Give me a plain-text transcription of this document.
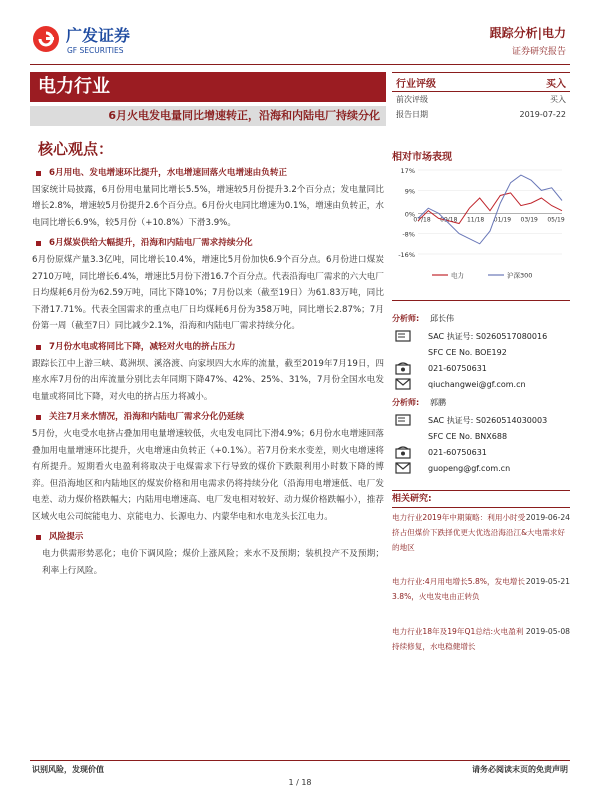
广发证券
GF SECURITIES
跟踪分析|电力
证券研究报告
电力行业
6月火电发电量同比增速转正，沿海和内陆电厂持续分化
行业评级	买入
前次评级	买入
报告日期	2019-07-22
核心观点：
6月用电、发电增速环比提升，水电增速回落火电增速由负转正
国家统计局披露，6月份用电量同比增长5.5%，增速较5月份提升3.2个百分点；发电量同比增长2.8%，增速较5月份提升2.6个百分点。6月份火电同比增速为0.1%，增速由负转正，水电同比增长6.9%，较5月份（+10.8%）下滑3.9%。
6月煤炭供给大幅提升，沿海和内陆电厂需求持续分化
6月份原煤产量3.3亿吨，同比增长10.4%，增速比5月份加快6.9个百分点。6月份进口煤炭2710万吨，同比增长6.4%，增速比5月份下滑16.7个百分点。代表沿海电厂需求的六大电厂日均煤耗6月份为62.59万吨，同比下降10%；7月份以来（截至19日）为61.83万吨，同比下滑17.71%。代表全国需求的重点电厂日均煤耗6月份为358万吨，同比增长2.87%；7月份第一周（截至7日）同比减少2.1%，沿海和内陆电厂需求持续分化。
7月份水电或将同比下降，减轻对火电的挤占压力
跟踪长江中上游三峡、葛洲坝、溪洛渡、向家坝四大水库的流量，截至2019年7月19日，四座水库7月份的出库流量分别比去年同期下降47%、42%、25%、31%，7月份全国水电发电量或将同比下降，对火电的挤占压力将减小。
关注7月来水情况，沿海和内陆电厂需求分化仍延续
5月份，火电受水电挤占叠加用电量增速较低，火电发电同比下滑4.9%；6月份水电增速回落叠加用电量增速环比提升，火电增速由负转正（+0.1%）。若7月份来水变差，则火电增速将有所提升。短期看火电盈利将取决于电煤需求下行导致的煤价下跌限利用小时数下降的博弈。但沿海地区和内陆地区的煤炭价格和用电需求仍将持续分化（沿海用电增速低、电厂发电差、动力煤价格跌幅大；内陆用电增速高、电厂发电相对较好、动力煤价格跌幅小），推荐区域火电公司皖能电力、京能电力、长源电力、内蒙华电和水电龙头长江电力。
风险提示
电力供需形势恶化；电价下调风险；煤价上涨风险；来水不及预期；装机投产不及预期；利率上行风险。
相对市场表现
17%
9%
0%
-8%
-16%
07/18 09/18 11/18 01/19 03/19 05/19
电力	沪深300
分析师:	邱长伟
SAC 执证号: S0260517080016
SFC CE No. BOE192
021-60750631
qiuchangwei@gf.com.cn
分析师:	郭鹏
SAC 执证号: S0260514030003
SFC CE No. BNX688
021-60750631
guopeng@gf.com.cn
相关研究:
2019-06-24
电力行业2019年中期策略：利用小时受挤占但煤价下跌择优更大优选沿海沿江&大电需求好的地区
2019-05-21
电力行业:4月用电增长5.8%，发电增长3.8%，火电发电由正转负
2019-05-08
电力行业18年及19年Q1总结:火电盈利持续修复，水电稳健增长
识别风险，发现价值	请务必阅读末页的免责声明
1 / 18
